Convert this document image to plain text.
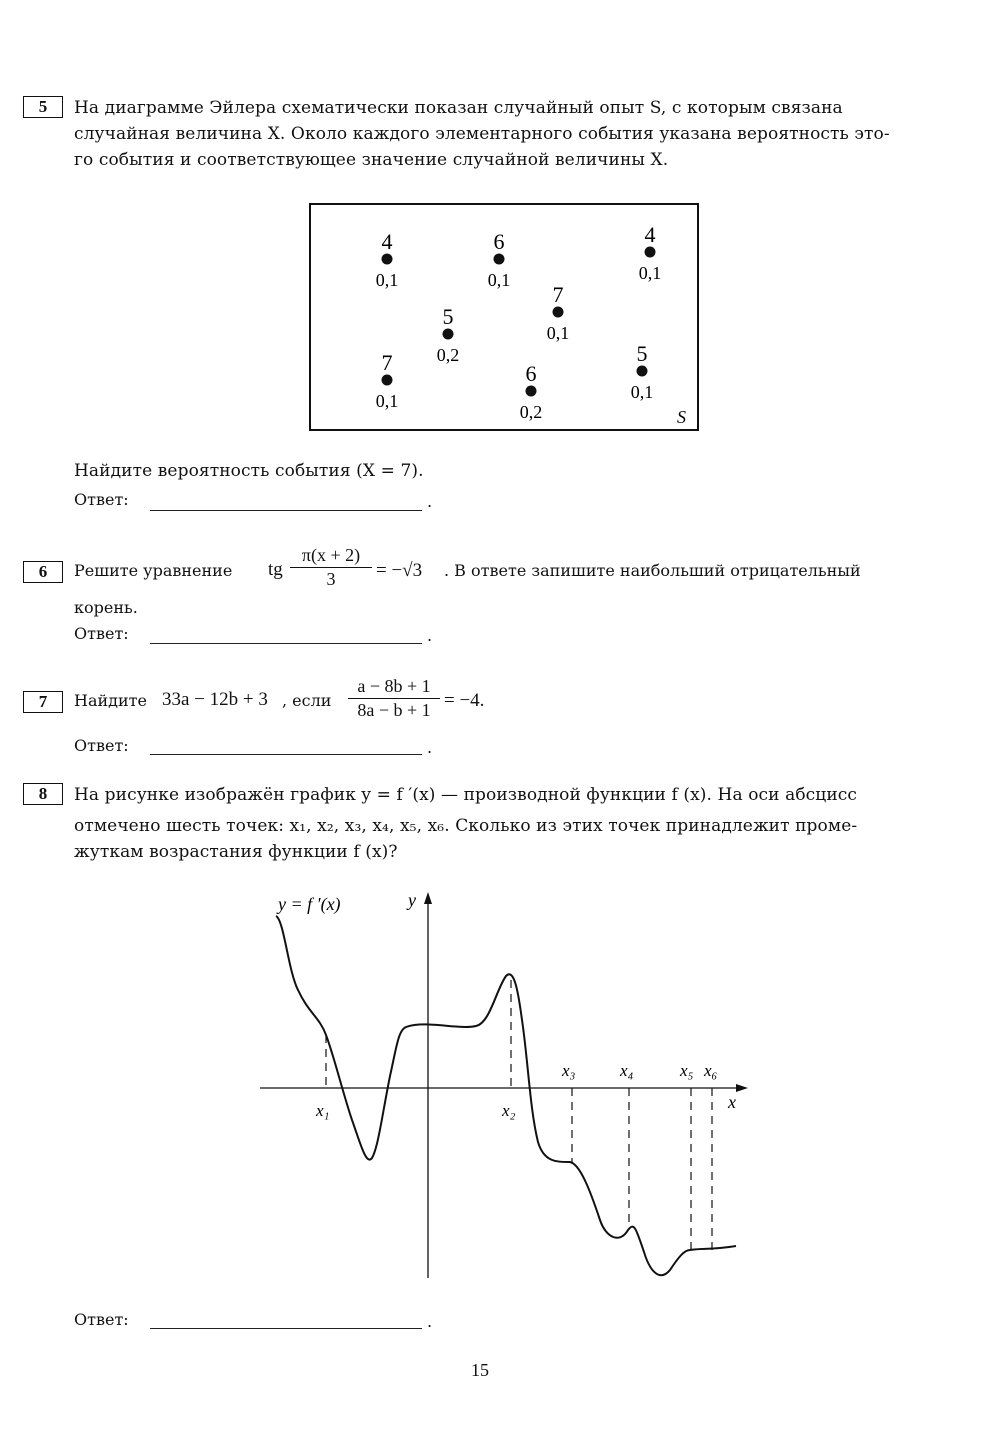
5	На диаграмме Эйлера схематически показан случайный опыт S, с которым связана
случайная величина X. Около каждого элементарного события указана вероятность это-
го события и соответствующее значение случайной величины X.
4
0,1
6
0,1
4
0,1
7
0,1
5
0,2
7
0,1
6
0,2
5
0,1
S
Найдите вероятность события (X = 7).
Ответ:	.
6	Решите уравнение tg
π(x + 2)
3	= −√3 . В ответе запишите наибольший отрицательный
корень.
Ответ:	.
7	Найдите 33a − 12b + 3 , если
a − 8b + 1
8a − b + 1 = −4.
Ответ:	.
8	На рисунке изображён график y = f ′(x) — производной функции f (x). На оси абсцисс
отмечено шесть точек: x₁, x₂, x₃, x₄, x₅, x₆. Сколько из этих точек принадлежит проме-
жуткам возрастания функции f (x)?
y
x
y = f ′(x)
x₁	x₂
x₃	x₄	x₅ x₆
Ответ:	.
15
